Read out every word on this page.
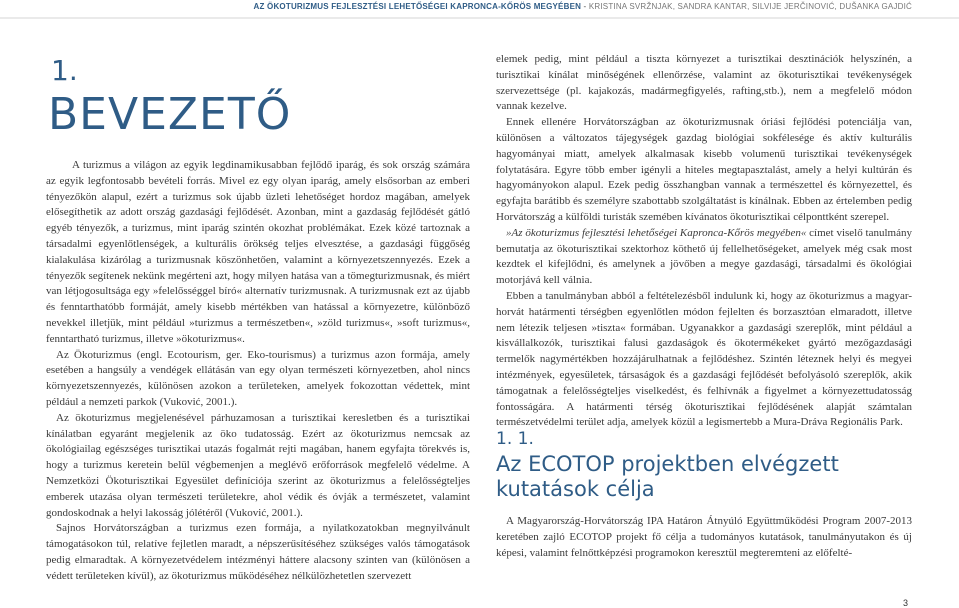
AZ ÖKOTURIZMUS FEJLESZTÉSI LEHETŐSÉGEI KAPRONCA-KŐRÖS MEGYÉBEN - KRISTINA SVRŽNJAK, SANDRA KANTAR, SILVIJE JERČINOVIĆ, DUŠANKA GAJDIĆ
1.
BEVEZETŐ

A turizmus a világon az egyik legdinamikusabban fejlődő iparág, és sok ország számára az egyik legfontosabb bevételi forrás. Mivel ez egy olyan iparág, amely elsősorban az emberi tényezőkön alapul, ezért a turizmus sok újabb üzleti lehetőséget hordoz magában, amelyek elősegíthetik az adott ország gazdasági fejlődését. Azonban, mint a gazdaság fejlődését gátló egyéb tényezők, a turizmus, mint iparág szintén okozhat problémákat. Ezek közé tartoznak a társadalmi egyenlőtlenségek, a kulturális örökség teljes elvesztése, a gazdasági függőség kialakulása kizárólag a turizmusnak köszönhetően, valamint a környezetszennyezés. Ezek a tényezők segítenek nekünk megérteni azt, hogy milyen hatása van a tömegturizmusnak, és miért van létjogosultsága egy »felelősséggel bíró« alternatív turizmusnak. A turizmusnak ezt az újabb és fenntarthatóbb formáját, amely kisebb mértékben van hatással a környezetre, különböző nevekkel illetjük, mint például »turizmus a természetben«, »zöld turizmus«, »soft turizmus«, fenntartható turizmus, illetve »ökoturizmus«.

Az Ökoturizmus (engl. Ecotourism, ger. Eko-tourismus) a turizmus azon formája, amely esetében a hangsúly a vendégek ellátásán van egy olyan természeti környezetben, ahol nincs környezetszennyezés, különösen azokon a területeken, amelyek fokozottan védettek, mint például a nemzeti parkok (Vuković, 2001.).

Az ökoturizmus megjelenésével párhuzamosan a turisztikai keresletben és a turisztikai kínálatban egyaránt megjelenik az öko tudatosság. Ezért az ökoturizmus nemcsak az ökológiailag egészséges turisztikai utazás fogalmát rejti magában, hanem egyfajta törekvés is, hogy a turizmus keretein belül végbemenjen a meglévő erőforrások megfelelő védelme. A Nemzetközi Ökoturisztikai Egyesület definíciója szerint az ökoturizmus a felelősségteljes emberek utazása olyan természeti területekre, ahol védik és óvják a természetet, valamint gondoskodnak a helyi lakosság jólétéről (Vuković, 2001.).

Sajnos Horvátországban a turizmus ezen formája, a nyilatkozatokban megnyilvánult támogatásokon túl, relatíve fejletlen maradt, a népszerűsítéséhez szükséges valós támogatások pedig elmaradtak. A környezetvédelem intézményi háttere alacsony szinten van (különösen a védett területeken kívül), az ökoturizmus működéséhez nélkülözhetetlen szervezett

elemek pedig, mint például a tiszta környezet a turisztikai desztinációk helyszínén, a turisztikai kínálat minőségének ellenőrzése, valamint az ökoturisztikai tevékenységek szervezettsége (pl. kajakozás, madármegfigyelés, rafting,stb.), nem a megfelelő módon vannak kezelve.

Ennek ellenére Horvátországban az ökoturizmusnak óriási fejlődési potenciálja van, különösen a változatos tájegységek gazdag biológiai sokfélesége és aktív kulturális hagyományai miatt, amelyek alkalmasak kisebb volumenű turisztikai tevékenységek folytatására. Egyre több ember igényli a hiteles megtapasztalást, amely a helyi kultúrán és hagyományokon alapul. Ezek pedig összhangban vannak a természettel és környezettel, és egyfajta barátibb és személyre szabottabb szolgáltatást is kínálnak. Ebben az értelemben pedig Horvátország a külföldi turisták szemében kívánatos ökoturisztikai célponttként szerepel.

»Az ökoturizmus fejlesztési lehetőségei Kapronca-Kőrös megyében« címet viselő tanulmány bemutatja az ökoturisztikai szektorhoz köthető új fellelhetőségeket, amelyek még csak most kezdtek el kifejlődni, és amelynek a jövőben a megye gazdasági, társadalmi és ökológiai motorjává kell válnia.

Ebben a tanulmányban abból a feltételezésből indulunk ki, hogy az ökoturizmus a magyar-horvát határmenti térségben egyenlőtlen módon fejlelten és borzasztóan elmaradott, illetve nem létezik teljesen »tiszta« formában. Ugyanakkor a gazdasági szereplők, mint például a kisvállalkozók, turisztikai falusi gazdaságok és ökotermékeket gyártó mezőgazdasági termelők nagymértékben hozzájárulhatnak a fejlődéshez. Szintén léteznek helyi és megyei intézmények, egyesületek, társaságok és a gazdasági fejlődését befolyásoló szereplők, akik támogatnak a felelősségteljes viselkedést, és felhívnák a figyelmet a környezettudatosság fontosságára. A határmenti térség ökoturisztikai fejlődésének alapját számtalan természetvédelmi terület adja, amelyek közül a legismertebb a Mura-Dráva Regionális Park.

1. 1.
Az ECOTOP projektben elvégzett kutatások célja

A Magyarország-Horvátország IPA Határon Átnyúló Együttműködési Program 2007-2013 keretében zajló ECOTOP projekt fő célja a tudományos kutatások, tanulmányutakon és új képesi, valamint felnőttképzési programokon keresztül megteremteni az előfelté-

3
